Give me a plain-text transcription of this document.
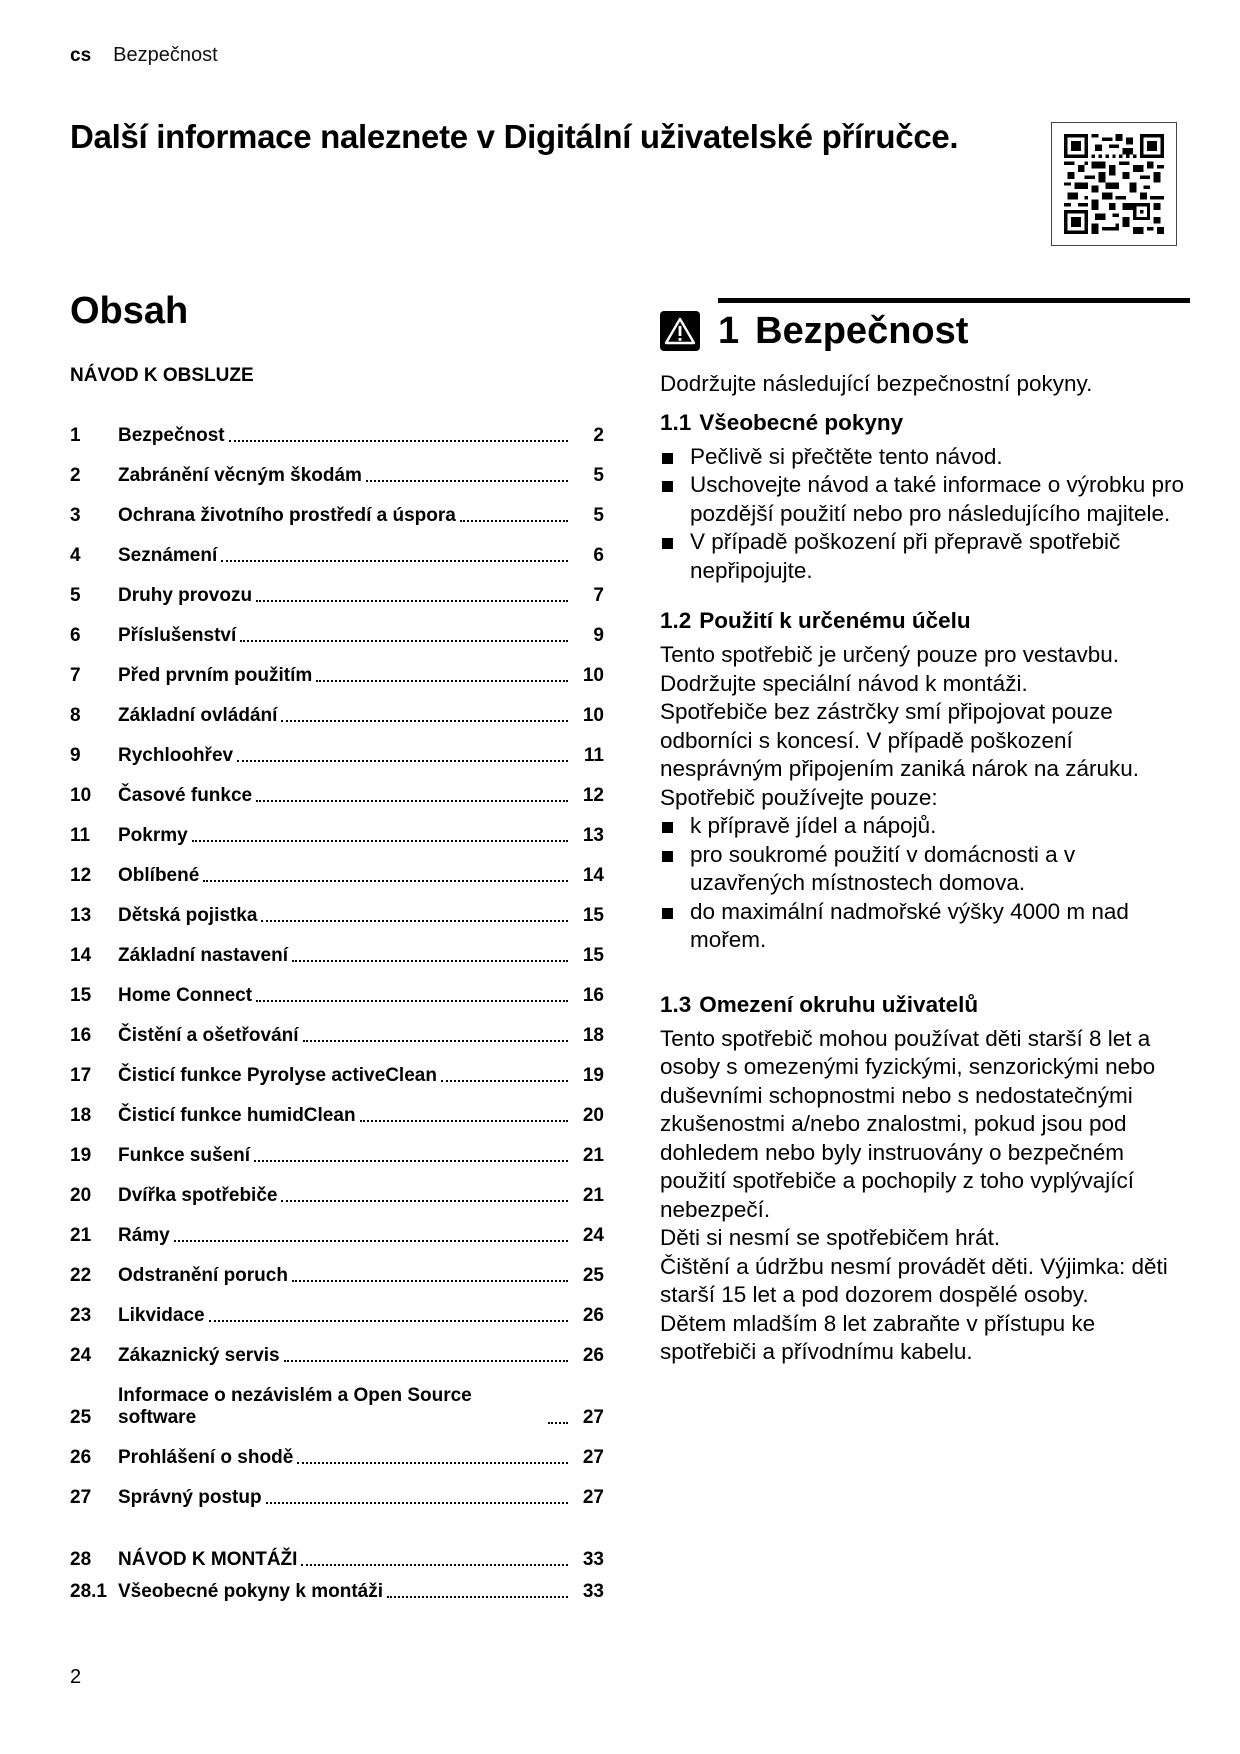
cs Bezpečnost
Další informace naleznete v Digitální uživatelské příručce.
Obsah
NÁVOD K OBSLUZE
1	Bezpečnost	2
2	Zabránění věcným škodám	5
3	Ochrana životního prostředí a úspora	5
4	Seznámení	6
5	Druhy provozu	7
6	Příslušenství	9
7	Před prvním použitím	10
8	Základní ovládání	10
9	Rychloohřev	11
10	Časové funkce	12
11	Pokrmy	13
12	Oblíbené	14
13	Dětská pojistka	15
14	Základní nastavení	15
15	Home Connect	16
16	Čistění a ošetřování	18
17	Čisticí funkce Pyrolyse activeClean	19
18	Čisticí funkce humidClean	20
19	Funkce sušení	21
20	Dvířka spotřebiče	21
21	Rámy	24
22	Odstranění poruch	25
23	Likvidace	26
24	Zákaznický servis	26
25
Informace o nezávislém a Open Source software	27
26	Prohlášení o shodě	27
27	Správný postup	27
28	NÁVOD K MONTÁŽI	33
28.1 Všeobecné pokyny k montáži	33
1 Bezpečnost

Dodržujte následující bezpečnostní pokyny.

1.1 Všeobecné pokyny
Pečlivě si přečtěte tento návod.
Uschovejte návod a také informace o výrobku pro pozdější použití nebo pro následujícího majitele.
V případě poškození při přepravě spotřebič nepřipojujte.
1.2 Použití k určenému účelu

Tento spotřebič je určený pouze pro vestavbu.

Dodržujte speciální návod k montáži.

Spotřebiče bez zástrčky smí připojovat pouze odborníci s koncesí. V případě poškození nesprávným připojením zaniká nárok na záruku.

Spotřebič používejte pouze:

k přípravě jídel a nápojů.
pro soukromé použití v domácnosti a v uzavřených místnostech domova.
do maximální nadmořské výšky 4000 m nad mořem.
1.3 Omezení okruhu uživatelů

Tento spotřebič mohou používat děti starší 8 let a osoby s omezenými fyzickými, senzorickými nebo duševními schopnostmi nebo s nedostatečnými zkušenostmi a/nebo znalostmi, pokud jsou pod dohledem nebo byly instruovány o bezpečném použití spotřebiče a pochopily z toho vyplývající nebezpečí.

Děti si nesmí se spotřebičem hrát.

Čištění a údržbu nesmí provádět děti. Výjimka: děti starší 15 let a pod dozorem dospělé osoby.

Dětem mladším 8 let zabraňte v přístupu ke spotřebiči a přívodnímu kabelu.

2
